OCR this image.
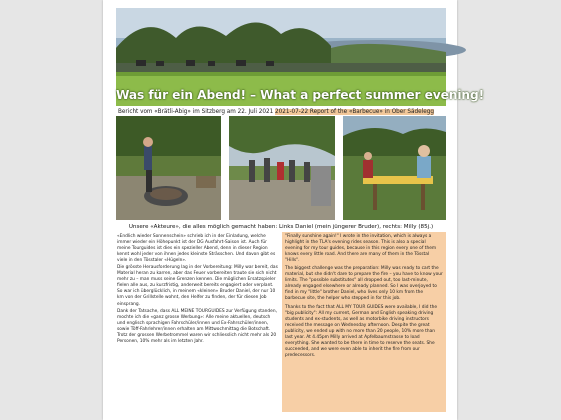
Was für ein Abend! – What a perfect summer evening!
Bericht vom «Brätli-Abig» im Sitzberg am 22. Juli 2021 2021-07-22 Report of the «Barbecue» in Ober Sädelegg
Unsere «Akteure», die alles möglich gemacht haben: Links Daniel (mein jüngerer Bruder), rechts: Milly (85j.)

«Endlich wieder Sonnenschein» schrieb ich in der Einladung, welche immer wieder ein Höhepunkt ist der DG Ausfahrt-Saison ist. Auch für meine Tourguides ist dies ein spezieller Abend, denn in dieser Region kennt wohl jeder von ihnen jedes kleinste Strässchen. Und davon gibt es viele in den Tösstaler «Hügeln».

Die grösste Herausforderung lag in der Vorbereitung: Milly war bereit, das Material heran zu karren, aber das Feuer vorbereiten traute sie sich nicht mehr zu – man muss seine Grenzen kennen. Die möglichen Ersatzspieler fielen alle aus, zu kurzfristig, anderweit bereits engagiert oder verplant. So war ich überglücklich, in meinem «kleinen» Bruder Daniel, der nur 10 km von der Grillstelle wohnt, den Helfer zu finden, der für diesen Job einsprang.

Dank der Tatsache, dass ALL MEINE TOURGUIDES zur Verfügung standen, mochte ich die «ganz grosse Werbung»: Alle meine aktuellen, deutsch und englisch sprachigen Fahrschüler/innen und Ex-Fahrschüler/innen, sowie Töff-Fahrlehrer/innen erhalten am Mittwochmittag die Botschaft. Trotz der grossen Werbetrommel waren wir schliesslich nicht mehr als 20 Personen, 10% mehr als im letzten Jahr.

"Finally sunshine again!" I wrote in the invitation, which is always a highlight in the TLA's evening rides season. This is also a special evening for my tour guides, because in this region every one of them knows every little road. And there are many of them in the Tösstal "Hills".

The biggest challenge was the preparation: Milly was ready to cart the material, but she didn't dare to prepare the fire – you have to know your limits. The "possible substitutes" all dropped out, too last-minute, already engaged elsewhere or already planned. So I was overjoyed to find in my "little" brother Daniel, who lives only 10 km from the barbecue site, the helper who stepped in for this job.

Thanks to the fact that ALL MY TOUR GUIDES were available, I did the "big publicity": All my current, German and English speaking driving students and ex-students, as well as motorbike driving instructors received the message on Wednesday afternoon. Despite the great publicity, we ended up with no more than 20 people, 10% more than last year. At 4.45pm Milly arrived at Apfelbaumstrasse to load everything. She wanted to be there in time to reserve the seats. She succeeded, and we were even able to inherit the fire from our predecessors.
